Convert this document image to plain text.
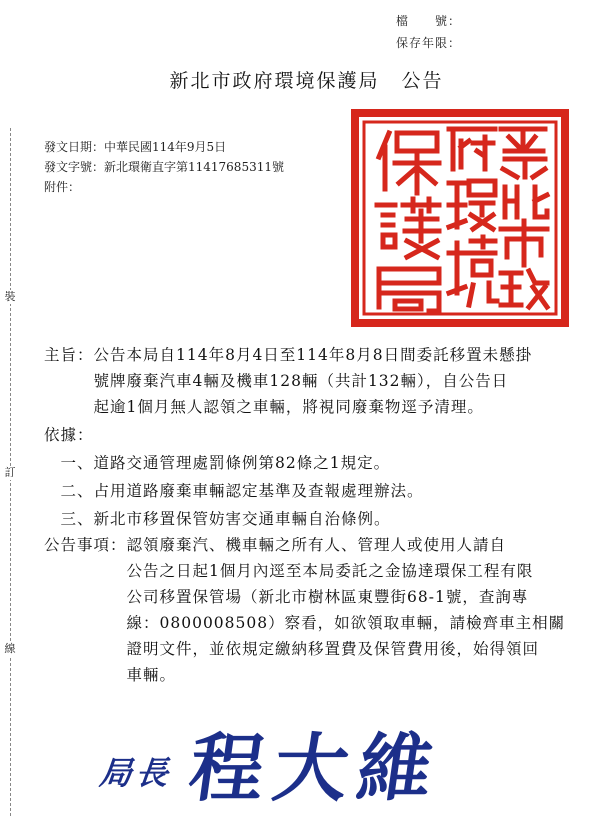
檔　　號：
保存年限：
新北市政府環境保護局 公告
發文日期：中華民國114年9月5日
發文字號：新北環衛直字第11417685311號
附件：
裝
訂
線
主旨：公告本局自114年8月4日至114年8月8日間委託移置未懸掛
　　　號牌廢棄汽車4輛及機車128輛（共計132輛），自公告日
　　　起逾1個月無人認領之車輛，將視同廢棄物逕予清理。
依據：
　一、道路交通管理處罰條例第82條之1規定。
　二、占用道路廢棄車輛認定基準及查報處理辦法。
　三、新北市移置保管妨害交通車輛自治條例。
公告事項：認領廢棄汽、機車輛之所有人、管理人或使用人請自
　　　　　公告之日起1個月內逕至本局委託之金協達環保工程有限
　　　　　公司移置保管場（新北市樹林區東豐街68-1號，查詢專
　　　　　線：0800008508）察看，如欲領取車輛，請檢齊車主相關
　　　　　證明文件，並依規定繳納移置費及保管費用後，始得領回
　　　　　車輛。
局長 程大維
